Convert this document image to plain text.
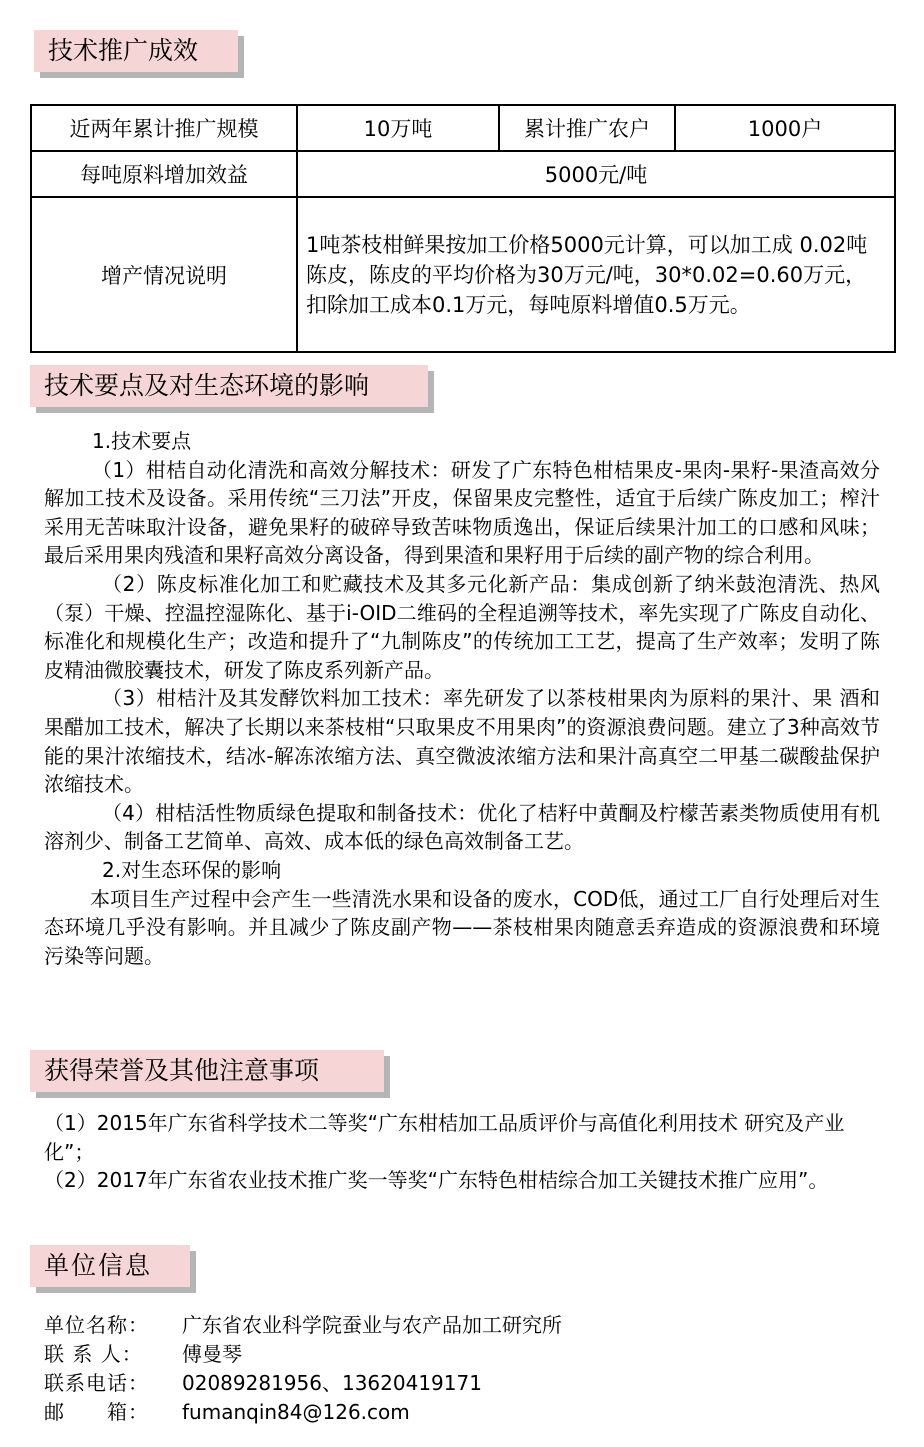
技术推广成效
近两年累计推广规模	10万吨	累计推广农户	1000户
每吨原料增加效益	5000元/吨		
增产情况说明	1吨茶枝柑鲜果按加工价格5000元计算，可以加工成 0.02吨陈皮，陈皮的平均价格为30万元/吨，30*0.02=0.60万元，扣除加工成本0.1万元，每吨原料增值0.5万元。		
技术要点及对生态环境的影响

1.技术要点

（1）柑桔自动化清洗和高效分解技术：研发了广东特色柑桔果皮-果肉-果籽-果渣高效分解加工技术及设备。采用传统“三刀法”开皮，保留果皮完整性，适宜于后续广陈皮加工；榨汁采用无苦味取汁设备，避免果籽的破碎导致苦味物质逸出，保证后续果汁加工的口感和风味；最后采用果肉残渣和果籽高效分离设备，得到果渣和果籽用于后续的副产物的综合利用。

（2）陈皮标准化加工和贮藏技术及其多元化新产品：集成创新了纳米鼓泡清洗、热风（泵）干燥、控温控湿陈化、基于i-OID二维码的全程追溯等技术，率先实现了广陈皮自动化、标准化和规模化生产；改造和提升了“九制陈皮”的传统加工工艺，提高了生产效率；发明了陈皮精油微胶囊技术，研发了陈皮系列新产品。

（3）柑桔汁及其发酵饮料加工技术：率先研发了以茶枝柑果肉为原料的果汁、果 酒和果醋加工技术，解决了长期以来茶枝柑“只取果皮不用果肉”的资源浪费问题。建立了3种高效节能的果汁浓缩技术，结冰-解冻浓缩方法、真空微波浓缩方法和果汁高真空二甲基二碳酸盐保护浓缩技术。

（4）柑桔活性物质绿色提取和制备技术：优化了桔籽中黄酮及柠檬苦素类物质使用有机溶剂少、制备工艺简单、高效、成本低的绿色高效制备工艺。

2.对生态环保的影响

本项目生产过程中会产生一些清洗水果和设备的废水，COD低，通过工厂自行处理后对生态环境几乎没有影响。并且减少了陈皮副产物——茶枝柑果肉随意丢弃造成的资源浪费和环境污染等问题。

获得荣誉及其他注意事项

（1）2015年广东省科学技术二等奖“广东柑桔加工品质评价与高值化利用技术 研究及产业化”；

（2）2017年广东省农业技术推广奖一等奖“广东特色柑桔综合加工关键技术推广应用”。

单位信息
单位名称：	广东省农业科学院蚕业与农产品加工研究所
联 系 人：	傅曼琴
联系电话：	02089281956、13620419171
邮　　箱：	fumanqin84@126.com
